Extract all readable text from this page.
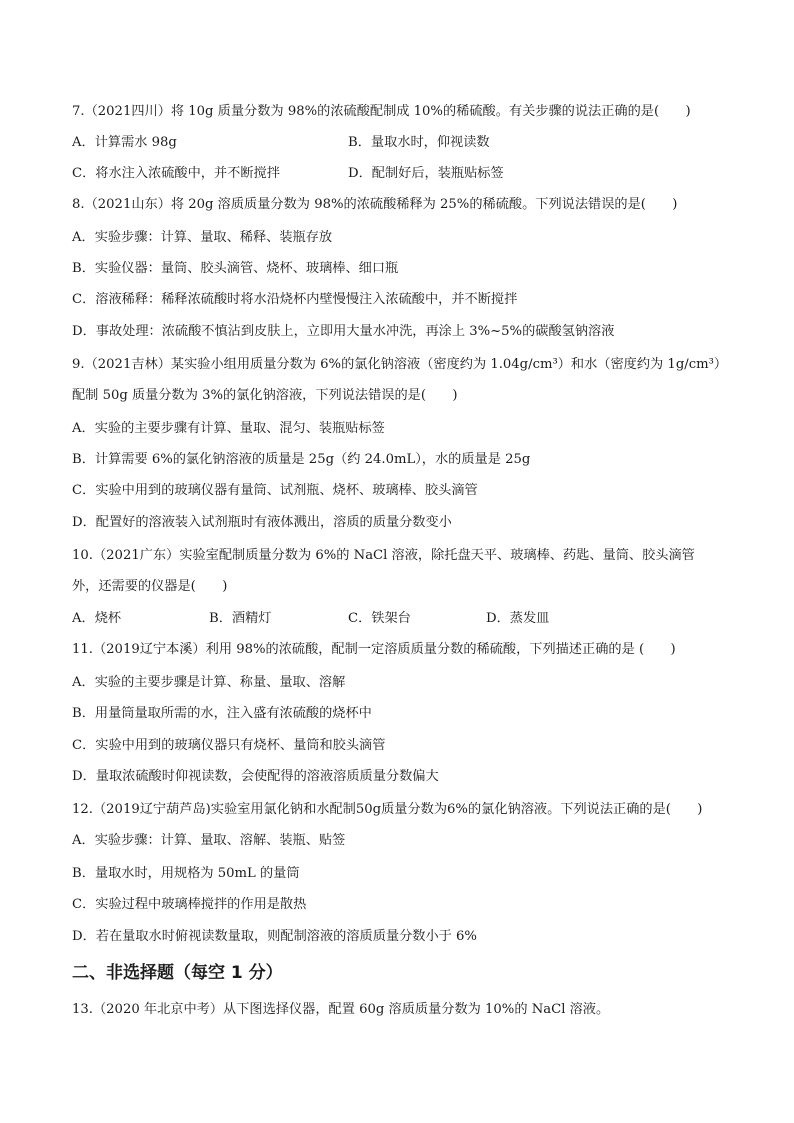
7.（2021四川）将 10g 质量分数为 98%的浓硫酸配制成 10%的稀硫酸。有关步骤的说法正确的是(　　)
A．计算需水 98g	B．量取水时，仰视读数
C．将水注入浓硫酸中，并不断搅拌	D．配制好后，装瓶贴标签
8.（2021山东）将 20g 溶质质量分数为 98%的浓硫酸稀释为 25%的稀硫酸。下列说法错误的是(　　)
A．实验步骤：计算、量取、稀释、装瓶存放
B．实验仪器：量筒、胶头滴管、烧杯、玻璃棒、细口瓶
C．溶液稀释：稀释浓硫酸时将水沿烧杯内壁慢慢注入浓硫酸中，并不断搅拌
D．事故处理：浓硫酸不慎沾到皮肤上，立即用大量水冲洗，再涂上 3%~5%的碳酸氢钠溶液
9.（2021吉林）某实验小组用质量分数为 6%的氯化钠溶液（密度约为 1.04g/cm³）和水（密度约为 1g/cm³）
配制 50g 质量分数为 3%的氯化钠溶液，下列说法错误的是(　　)
A．实验的主要步骤有计算、量取、混匀、装瓶贴标签
B．计算需要 6%的氯化钠溶液的质量是 25g（约 24.0mL），水的质量是 25g
C．实验中用到的玻璃仪器有量筒、试剂瓶、烧杯、玻璃棒、胶头滴管
D．配置好的溶液装入试剂瓶时有液体溅出，溶质的质量分数变小
10.（2021广东）实验室配制质量分数为 6%的 NaCl 溶液，除托盘天平、玻璃棒、药匙、量筒、胶头滴管
外，还需要的仪器是(　　)
A．烧杯	B．酒精灯	C．铁架台	D．蒸发皿
11.（2019辽宁本溪）利用 98%的浓硫酸，配制一定溶质质量分数的稀硫酸，下列描述正确的是 (　　)
A．实验的主要步骤是计算、称量、量取、溶解
B．用量筒量取所需的水，注入盛有浓硫酸的烧杯中
C．实验中用到的玻璃仪器只有烧杯、量筒和胶头滴管
D．量取浓硫酸时仰视读数，会使配得的溶液溶质质量分数偏大
12.（2019辽宁葫芦岛)实验室用氯化钠和水配制50g质量分数为6%的氯化钠溶液。下列说法正确的是(　　)
A．实验步骤：计算、量取、溶解、装瓶、贴签
B．量取水时，用规格为 50mL 的量筒
C．实验过程中玻璃棒搅拌的作用是散热
D．若在量取水时俯视读数量取，则配制溶液的溶质质量分数小于 6%
二、非选择题（每空 1 分）
13.（2020 年北京中考）从下图选择仪器，配置 60g 溶质质量分数为 10%的 NaCl 溶液。
